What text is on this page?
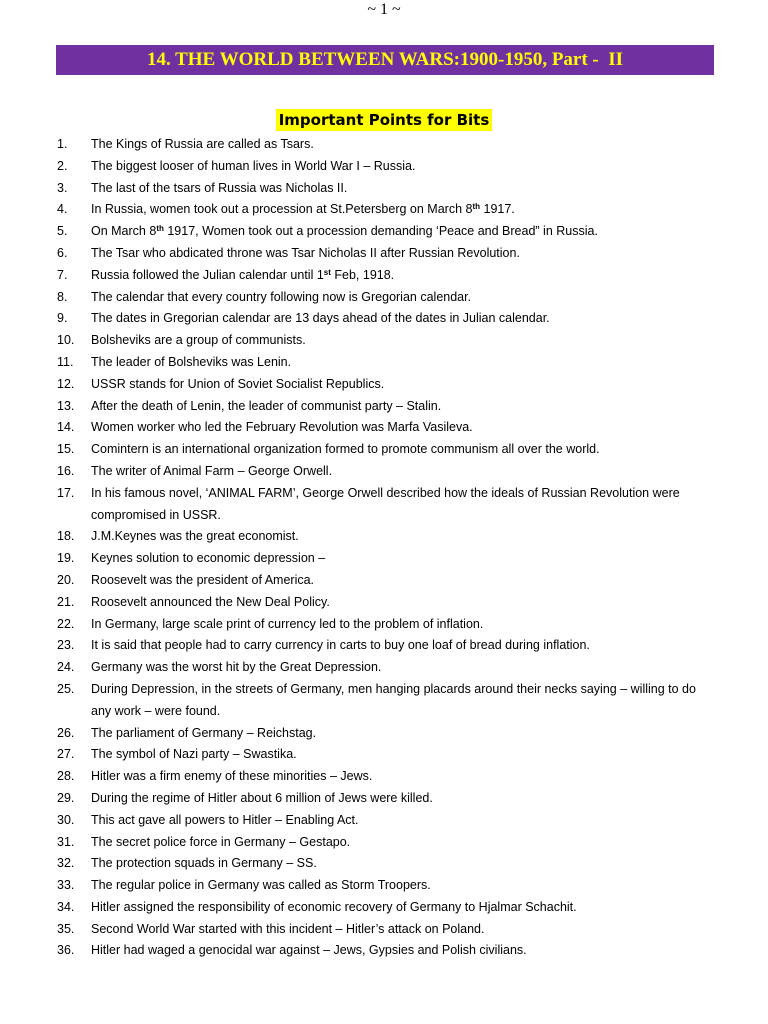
~ 1 ~
14. THE WORLD BETWEEN WARS:1900-1950, Part -  II
Important Points for Bits
1. The Kings of Russia are called as Tsars.
2. The biggest looser of human lives in World War I – Russia.
3. The last of the tsars of Russia was Nicholas II.
4. In Russia, women took out a procession at St.Petersberg on March 8th 1917.
5. On March 8th 1917, Women took out a procession demanding ‘Peace and Bread” in Russia.
6. The Tsar who abdicated throne was Tsar Nicholas II after Russian Revolution.
7. Russia followed the Julian calendar until 1st Feb, 1918.
8. The calendar that every country following now is Gregorian calendar.
9. The dates in Gregorian calendar are 13 days ahead of the dates in Julian calendar.
10. Bolsheviks are a group of communists.
11. The leader of Bolsheviks was Lenin.
12. USSR stands for Union of Soviet Socialist Republics.
13. After the death of Lenin, the leader of communist party – Stalin.
14. Women worker who led the February Revolution was Marfa Vasileva.
15. Comintern is an international organization formed to promote communism all over the world.
16. The writer of Animal Farm – George Orwell.
17. In his famous novel, ‘ANIMAL FARM’, George Orwell described how the ideals of Russian Revolution were compromised in USSR.
18. J.M.Keynes was the great economist.
19. Keynes solution to economic depression –
20. Roosevelt was the president of America.
21. Roosevelt announced the New Deal Policy.
22. In Germany, large scale print of currency led to the problem of inflation.
23. It is said that people had to carry currency in carts to buy one loaf of bread during inflation.
24. Germany was the worst hit by the Great Depression.
25. During Depression, in the streets of Germany, men hanging placards around their necks saying – willing to do any work – were found.
26. The parliament of Germany – Reichstag.
27. The symbol of Nazi party – Swastika.
28. Hitler was a firm enemy of these minorities – Jews.
29. During the regime of Hitler about 6 million of Jews were killed.
30. This act gave all powers to Hitler – Enabling Act.
31. The secret police force in Germany – Gestapo.
32. The protection squads in Germany – SS.
33. The regular police in Germany was called as Storm Troopers.
34. Hitler assigned the responsibility of economic recovery of Germany to Hjalmar Schachit.
35. Second World War started with this incident – Hitler’s attack on Poland.
36. Hitler had waged a genocidal war against – Jews, Gypsies and Polish civilians.
